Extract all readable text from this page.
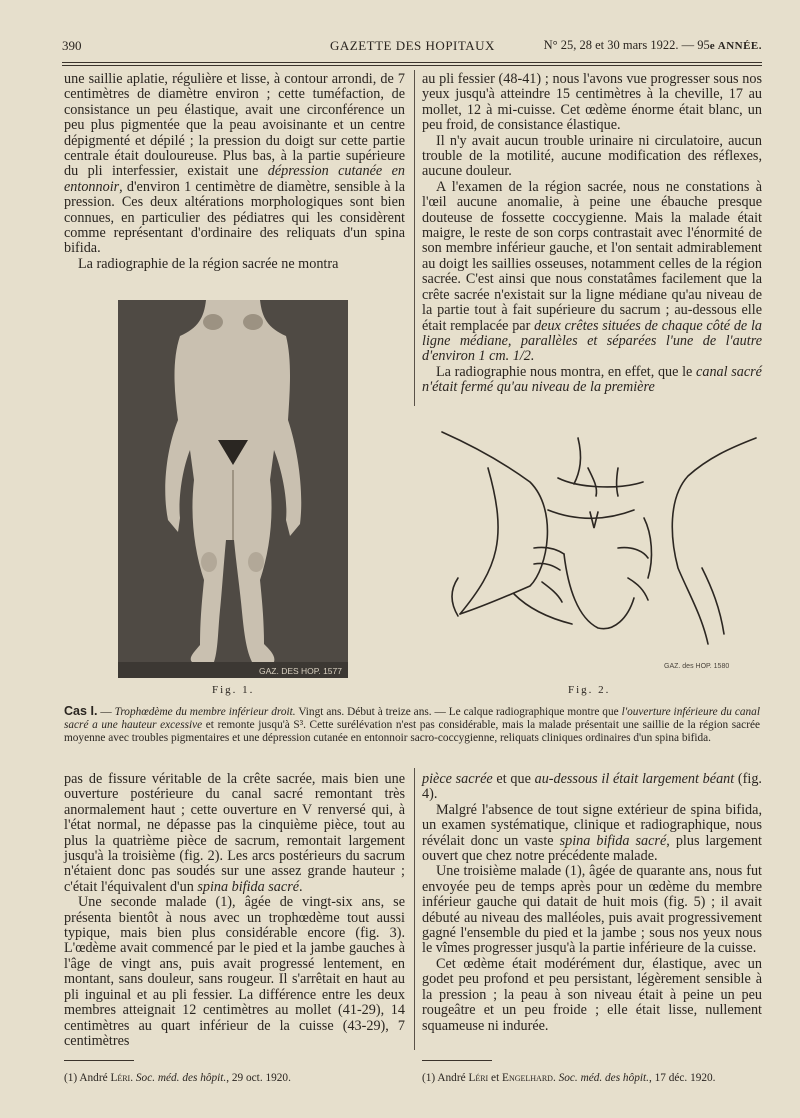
390	GAZETTE DES HOPITAUX	N° 25, 28 et 30 mars 1922. — 95e ANNÉE.

une saillie aplatie, régulière et lisse, à contour arrondi, de 7 centimètres de diamètre environ ; cette tuméfaction, de consistance un peu élastique, avait une circonférence un peu plus pigmentée que la peau avoisinante et un centre dépigmenté et dépilé ; la pression du doigt sur cette partie centrale était douloureuse. Plus bas, à la partie supérieure du pli interfessier, existait une dépression cutanée en entonnoir, d'environ 1 centimètre de diamètre, sensible à la pression. Ces deux altérations morphologiques sont bien connues, en particulier des pédiatres qui les considèrent comme représentant d'ordinaire des reliquats d'un spina bifida.

La radiographie de la région sacrée ne montra

au pli fessier (48-41) ; nous l'avons vue progresser sous nos yeux jusqu'à atteindre 15 centimètres à la cheville, 17 au mollet, 12 à mi-cuisse. Cet œdème énorme était blanc, un peu froid, de consistance élastique.

Il n'y avait aucun trouble urinaire ni circulatoire, aucun trouble de la motilité, aucune modification des réflexes, aucune douleur.

A l'examen de la région sacrée, nous ne constations à l'œil aucune anomalie, à peine une ébauche presque douteuse de fossette coccygienne. Mais la malade était maigre, le reste de son corps contrastait avec l'énormité de son membre inférieur gauche, et l'on sentait admirablement au doigt les saillies osseuses, notamment celles de la région sacrée. C'est ainsi que nous constatâmes facilement que la crête sacrée n'existait sur la ligne médiane qu'au niveau de la partie tout à fait supérieure du sacrum ; au-dessous elle était remplacée par deux crêtes situées de chaque côté de la ligne médiane, parallèles et séparées l'une de l'autre d'environ 1 cm. 1/2.

La radiographie nous montra, en effet, que le canal sacré n'était fermé qu'au niveau de la première

GAZ. DES HOP. 1577
Fig. 1.
GAZ. des HOP. 1580
Fig. 2.

Cas I. — Trophœdème du membre inférieur droit. Vingt ans. Début à treize ans. — Le calque radiographique montre que l'ouverture inférieure du canal sacré a une hauteur excessive et remonte jusqu'à S³. Cette surélévation n'est pas considérable, mais la malade présentait une saillie de la région sacrée moyenne avec troubles pigmentaires et une dépression cutanée en entonnoir sacro-coccygienne, reliquats cliniques ordinaires d'un spina bifida.

pas de fissure véritable de la crête sacrée, mais bien une ouverture postérieure du canal sacré remontant très anormalement haut ; cette ouverture en V renversé qui, à l'état normal, ne dépasse pas la cinquième pièce, tout au plus la quatrième pièce de sacrum, remontait largement jusqu'à la troisième (fig. 2). Les arcs postérieurs du sacrum n'étaient donc pas soudés sur une assez grande hauteur ; c'était l'équivalent d'un spina bifida sacré.

Une seconde malade (1), âgée de vingt-six ans, se présenta bientôt à nous avec un trophœdème tout aussi typique, mais bien plus considérable encore (fig. 3). L'œdème avait commencé par le pied et la jambe gauches à l'âge de vingt ans, puis avait progressé lentement, en montant, sans douleur, sans rougeur. Il s'arrêtait en haut au pli inguinal et au pli fessier. La différence entre les deux membres atteignait 12 centimètres au mollet (41-29), 14 centimètres au quart inférieur de la cuisse (43-29), 7 centimètres

pièce sacrée et que au-dessous il était largement béant (fig. 4).

Malgré l'absence de tout signe extérieur de spina bifida, un examen systématique, clinique et radiographique, nous révélait donc un vaste spina bifida sacré, plus largement ouvert que chez notre précédente malade.

Une troisième malade (1), âgée de quarante ans, nous fut envoyée peu de temps après pour un œdème du membre inférieur gauche qui datait de huit mois (fig. 5) ; il avait débuté au niveau des malléoles, puis avait progressivement gagné l'ensemble du pied et la jambe ; sous nos yeux nous le vîmes progresser jusqu'à la partie inférieure de la cuisse.

Cet œdème était modérément dur, élastique, avec un godet peu profond et peu persistant, légèrement sensible à la pression ; la peau à son niveau était à peine un peu rougeâtre et un peu froide ; elle était lisse, nullement squameuse ni indurée.

(1) André Léri. Soc. méd. des hôpit., 29 oct. 1920.	(1) André Léri et Engelhard. Soc. méd. des hôpit., 17 déc. 1920.
